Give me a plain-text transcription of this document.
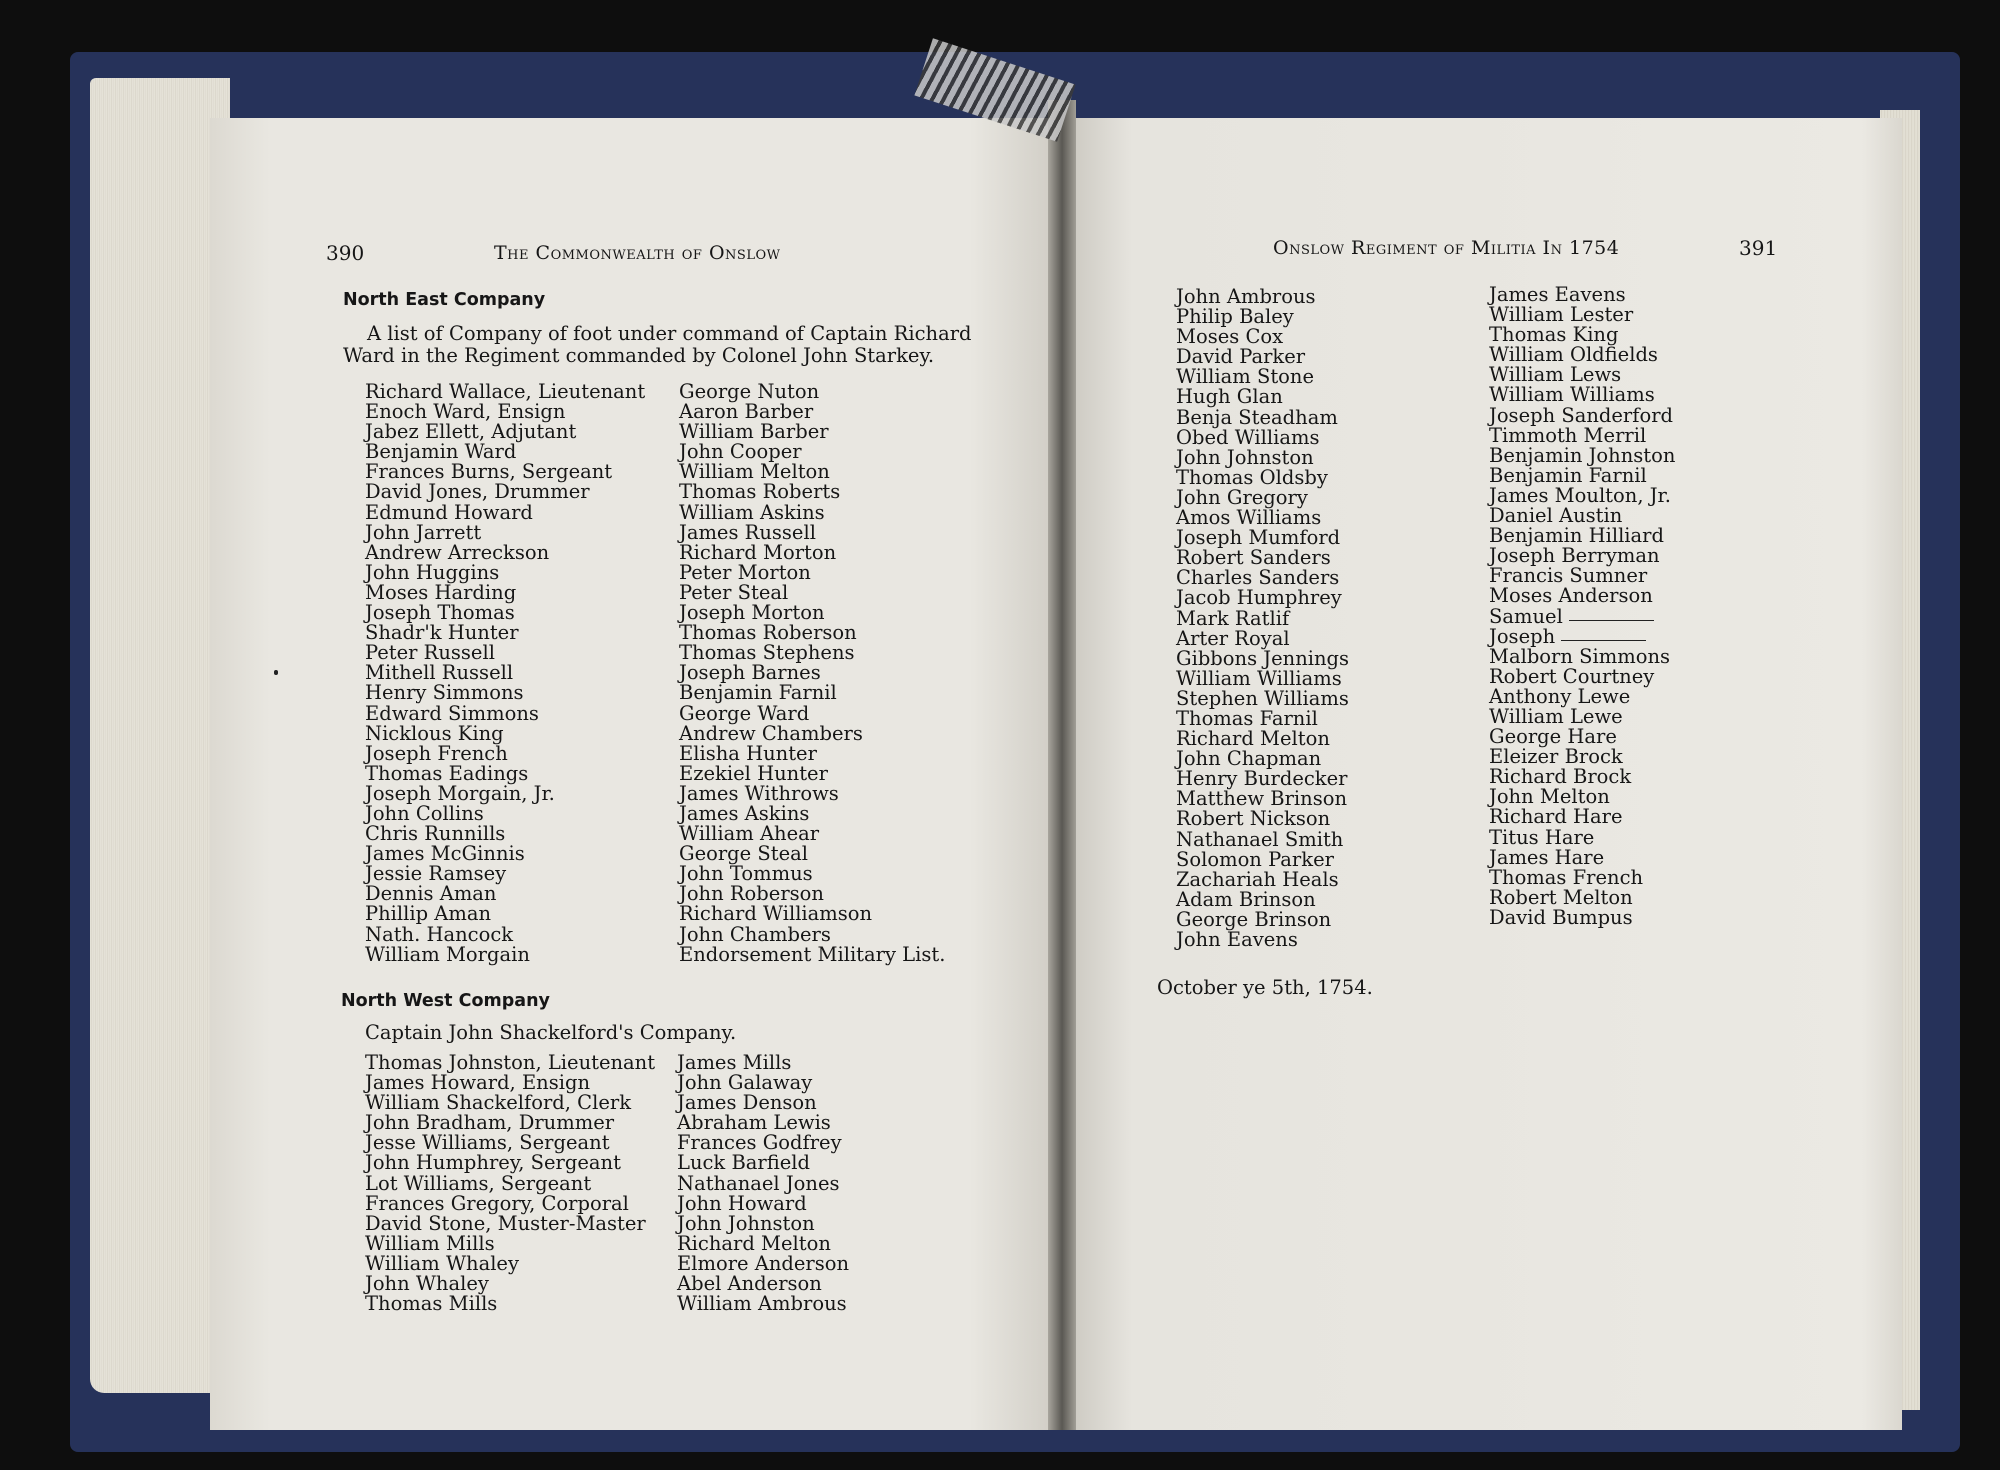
390	The Commonwealth of Onslow
North East Company
A list of Company of foot under command of Captain Richard
Ward in the Regiment commanded by Colonel John Starkey.
Richard Wallace, Lieutenant
Enoch Ward, Ensign
Jabez Ellett, Adjutant
Benjamin Ward
Frances Burns, Sergeant
David Jones, Drummer
Edmund Howard
John Jarrett
Andrew Arreckson
John Huggins
Moses Harding
Joseph Thomas
Shadr'k Hunter
Peter Russell
Mithell Russell
Henry Simmons
Edward Simmons
Nicklous King
Joseph French
Thomas Eadings
Joseph Morgain, Jr.
John Collins
Chris Runnills
James McGinnis
Jessie Ramsey
Dennis Aman
Phillip Aman
Nath. Hancock
William Morgain
George Nuton
Aaron Barber
William Barber
John Cooper
William Melton
Thomas Roberts
William Askins
James Russell
Richard Morton
Peter Morton
Peter Steal
Joseph Morton
Thomas Roberson
Thomas Stephens
Joseph Barnes
Benjamin Farnil
George Ward
Andrew Chambers
Elisha Hunter
Ezekiel Hunter
James Withrows
James Askins
William Ahear
George Steal
John Tommus
John Roberson
Richard Williamson
John Chambers
Endorsement Military List.
North West Company
Captain John Shackelford's Company.
Thomas Johnston, Lieutenant
James Howard, Ensign
William Shackelford, Clerk
John Bradham, Drummer
Jesse Williams, Sergeant
John Humphrey, Sergeant
Lot Williams, Sergeant
Frances Gregory, Corporal
David Stone, Muster-Master
William Mills
William Whaley
John Whaley
Thomas Mills
James Mills
John Galaway
James Denson
Abraham Lewis
Frances Godfrey
Luck Barfield
Nathanael Jones
John Howard
John Johnston
Richard Melton
Elmore Anderson
Abel Anderson
William Ambrous
Onslow Regiment of Militia In 1754	391
John Ambrous
Philip Baley
Moses Cox
David Parker
William Stone
Hugh Glan
Benja Steadham
Obed Williams
John Johnston
Thomas Oldsby
John Gregory
Amos Williams
Joseph Mumford
Robert Sanders
Charles Sanders
Jacob Humphrey
Mark Ratlif
Arter Royal
Gibbons Jennings
William Williams
Stephen Williams
Thomas Farnil
Richard Melton
John Chapman
Henry Burdecker
Matthew Brinson
Robert Nickson
Nathanael Smith
Solomon Parker
Zachariah Heals
Adam Brinson
George Brinson
John Eavens
James Eavens
William Lester
Thomas King
William Oldfields
William Lews
William Williams
Joseph Sanderford
Timmoth Merril
Benjamin Johnston
Benjamin Farnil
James Moulton, Jr.
Daniel Austin
Benjamin Hilliard
Joseph Berryman
Francis Sumner
Moses Anderson
Samuel
Joseph
Malborn Simmons
Robert Courtney
Anthony Lewe
William Lewe
George Hare
Eleizer Brock
Richard Brock
John Melton
Richard Hare
Titus Hare
James Hare
Thomas French
Robert Melton
David Bumpus
October ye 5th, 1754.
